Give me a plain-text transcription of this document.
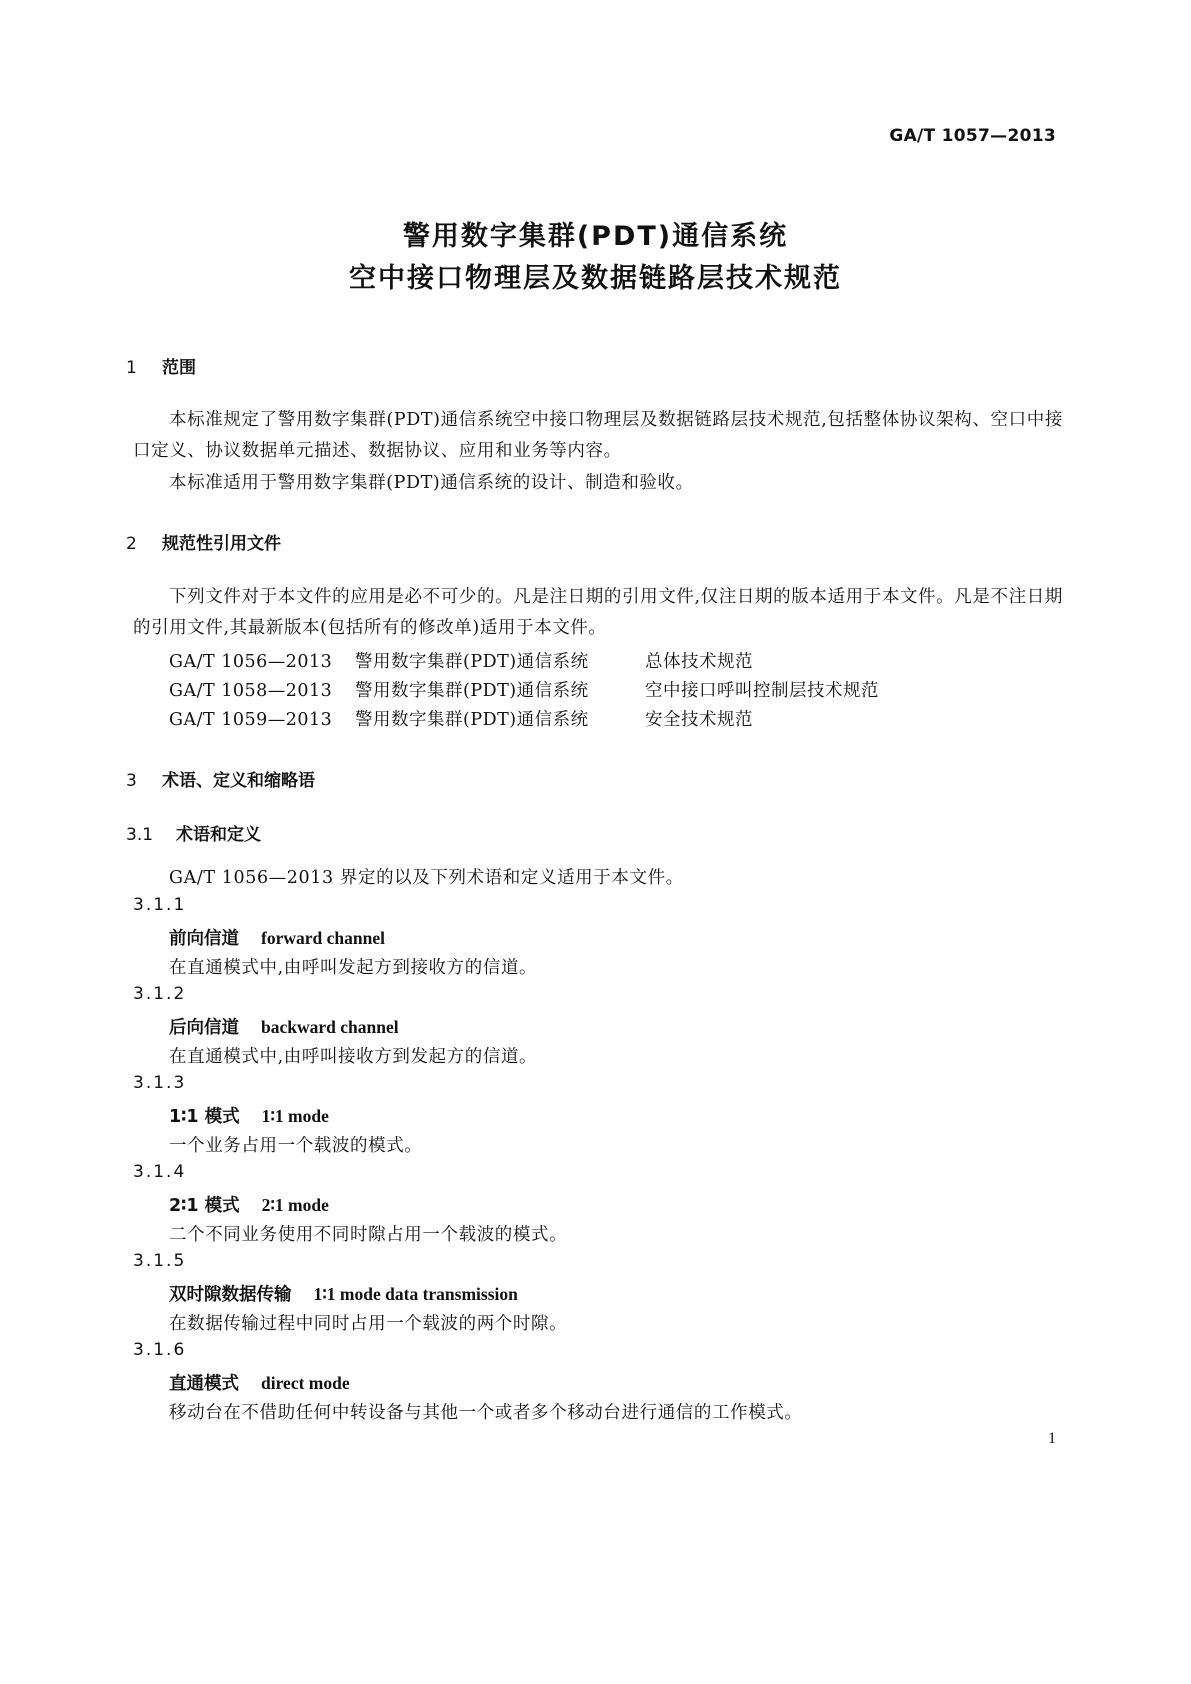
GA/T 1057—2013
警用数字集群(PDT)通信系统
空中接口物理层及数据链路层技术规范
1 范围
本标准规定了警用数字集群(PDT)通信系统空中接口物理层及数据链路层技术规范,包括整体协议架构、空口中接口定义、协议数据单元描述、数据协议、应用和业务等内容。
本标准适用于警用数字集群(PDT)通信系统的设计、制造和验收。
2 规范性引用文件
下列文件对于本文件的应用是必不可少的。凡是注日期的引用文件,仅注日期的版本适用于本文件。凡是不注日期的引用文件,其最新版本(包括所有的修改单)适用于本文件。
GA/T 1056—2013 警用数字集群(PDT)通信系统	总体技术规范
GA/T 1058—2013 警用数字集群(PDT)通信系统	空中接口呼叫控制层技术规范
GA/T 1059—2013 警用数字集群(PDT)通信系统	安全技术规范
3 术语、定义和缩略语
3.1 术语和定义
GA/T 1056—2013 界定的以及下列术语和定义适用于本文件。
3.1.1
前向信道 forward channel
在直通模式中,由呼叫发起方到接收方的信道。
3.1.2
后向信道 backward channel
在直通模式中,由呼叫接收方到发起方的信道。
3.1.3
1∶1 模式 1∶1 mode
一个业务占用一个载波的模式。
3.1.4
2∶1 模式 2∶1 mode
二个不同业务使用不同时隙占用一个载波的模式。
3.1.5
双时隙数据传输 1∶1 mode data transmission
在数据传输过程中同时占用一个载波的两个时隙。
3.1.6
直通模式 direct mode
移动台在不借助任何中转设备与其他一个或者多个移动台进行通信的工作模式。
1
